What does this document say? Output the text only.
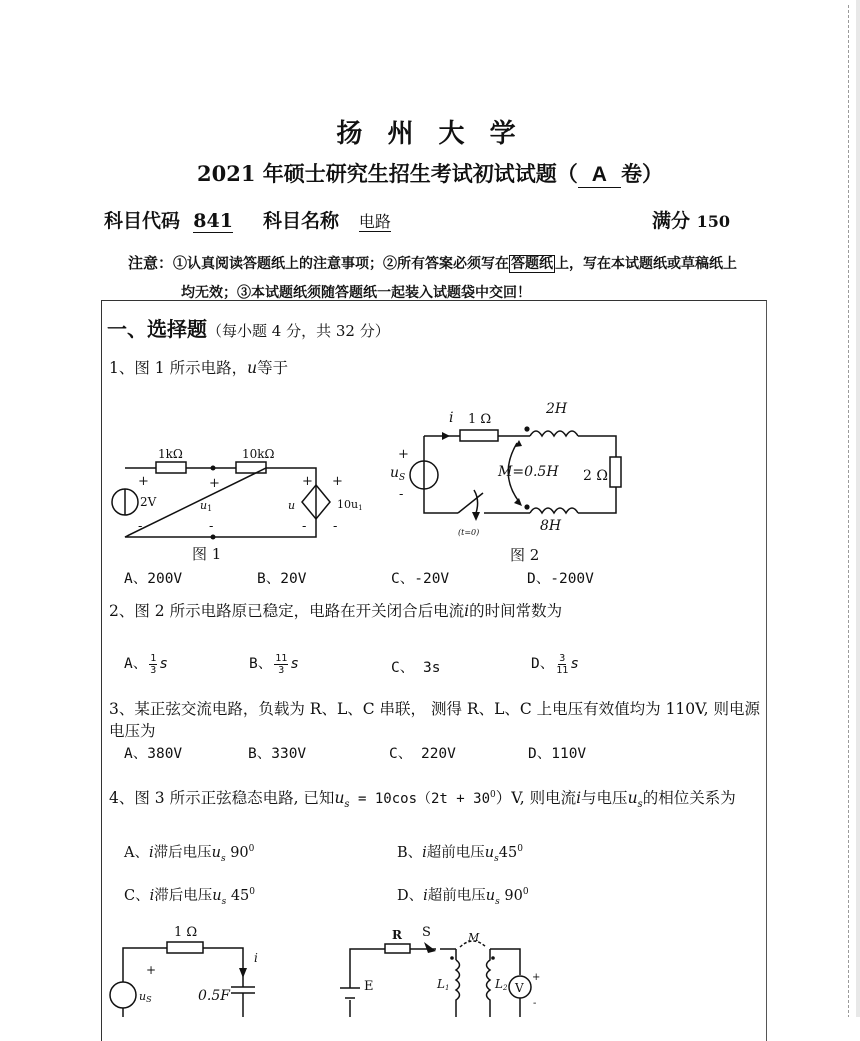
扬 州 大 学
2021 年硕士研究生招生考试初试试题（ A 卷）
科目代码 841 科目名称 电路	满分 150
注意：①认真阅读答题纸上的注意事项；②所有答案必须写在 答题纸 上，写在本试题纸或草稿纸上
均无效；③本试题纸须随答题纸一起装入试题袋中交回！
一、选择题（每小题 4 分，共 32 分）
1、图 1 所示电路，u等于
1kΩ	10kΩ
2V
+
-
+
-
u1	u
+
-
+
-
10u1
图 1
i 1 Ω
2H
M=0.5H 2 Ω
8H
+
-
$u_S$
(t=0)
图 2
A、200V	B、20V	C、-20V	D、-200V
2、图 2 所示电路原已稳定，电路在开关闭合后电流i的时间常数为
A、 $\frac{1}{3}$ s	B、 $\frac{11}{3}$ s	C、 3s	D、 $\frac{3}{11}$ s
3、某正弦交流电路，负载为 R、L、C 串联， 测得 R、L、C 上电压有效值均为 110V, 则电源
电压为
A、380V	B、330V	C、 220V	D、110V
4、图 3 所示正弦稳态电路, 已知$u_s = 10\cos(2t + 30^0)V$, 则电流i与电压$u_s$的相位关系为
A、i滞后电压$u_s$ $90^0$	B、i超前电压$u_s45^0$
C、i滞后电压$u_s$ $45^0$	D、i超前电压$u_s$ $90^0$
1 Ω
i
0.5F
+
uS
R S	M
E	L1	L2 V
+
-
